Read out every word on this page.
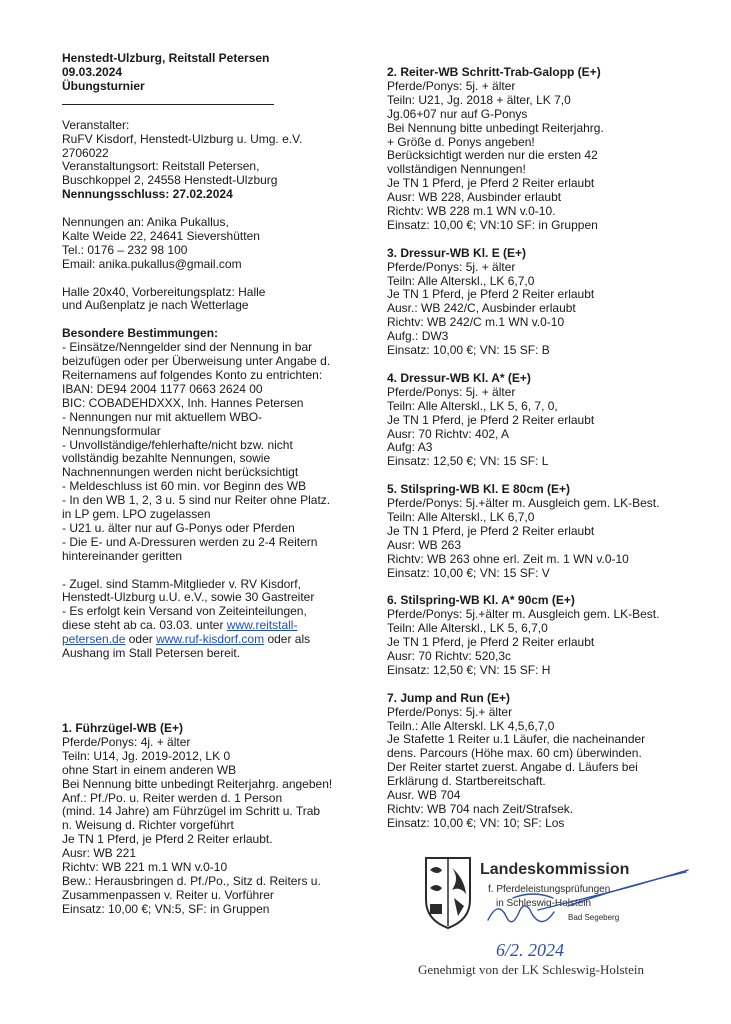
Henstedt-Ulzburg, Reitstall Petersen
09.03.2024
Übungsturnier
Veranstalter:
RuFV Kisdorf, Henstedt-Ulzburg u. Umg. e.V.
2706022
Veranstaltungsort: Reitstall Petersen,
Buschkoppel 2, 24558 Henstedt-Ulzburg
Nennungsschluss: 27.02.2024
Nennungen an: Anika Pukallus,
Kalte Weide 22, 24641 Sievershütten
Tel.: 0176 – 232 98 100
Email: anika.pukallus@gmail.com
Halle 20x40, Vorbereitungsplatz: Halle
und Außenplatz je nach Wetterlage
Besondere Bestimmungen:
- Einsätze/Nenngelder sind der Nennung in bar
beizufügen oder per Überweisung unter Angabe d.
Reiternamens auf folgendes Konto zu entrichten:
IBAN: DE94 2004 1177 0663 2624 00
BIC: COBADEHDXXX, Inh. Hannes Petersen
- Nennungen nur mit aktuellem WBO-
Nennungsformular
- Unvollständige/fehlerhafte/nicht bzw. nicht
vollständig bezahlte Nennungen, sowie
Nachnennungen werden nicht berücksichtigt
- Meldeschluss ist 60 min. vor Beginn des WB
- In den WB 1, 2, 3 u. 5 sind nur Reiter ohne Platz.
in LP gem. LPO zugelassen
- U21 u. älter nur auf G-Ponys oder Pferden
- Die E- und A-Dressuren werden zu 2-4 Reitern
hintereinander geritten
- Zugel. sind Stamm-Mitglieder v. RV Kisdorf,
Henstedt-Ulzburg u.U. e.V., sowie 30 Gastreiter
- Es erfolgt kein Versand von Zeiteinteilungen,
diese steht ab ca. 03.03. unter www.reitstall-
petersen.de oder www.ruf-kisdorf.com oder als
Aushang im Stall Petersen bereit.
1. Führzügel-WB (E+)
Pferde/Ponys: 4j. + älter
Teiln: U14, Jg. 2019-2012, LK 0
ohne Start in einem anderen WB
Bei Nennung bitte unbedingt Reiterjahrg. angeben!
Anf.: Pf./Po. u. Reiter werden d. 1 Person
(mind. 14 Jahre) am Führzügel im Schritt u. Trab
n. Weisung d. Richter vorgeführt
Je TN 1 Pferd, je Pferd 2 Reiter erlaubt.
Ausr: WB 221
Richtv: WB 221 m.1 WN v.0-10
Bew.: Herausbringen d. Pf./Po., Sitz d. Reiters u.
Zusammenpassen v. Reiter u. Vorführer
Einsatz: 10,00 €; VN:5, SF: in Gruppen
2. Reiter-WB Schritt-Trab-Galopp (E+)
Pferde/Ponys: 5j. + älter
Teiln: U21, Jg. 2018 + älter, LK 7,0
Jg.06+07 nur auf G-Ponys
Bei Nennung bitte unbedingt Reiterjahrg.
+ Größe d. Ponys angeben!
Berücksichtigt werden nur die ersten 42
vollständigen Nennungen!
Je TN 1 Pferd, je Pferd 2 Reiter erlaubt
Ausr: WB 228, Ausbinder erlaubt
Richtv: WB 228 m.1 WN v.0-10.
Einsatz: 10,00 €; VN:10 SF: in Gruppen
3. Dressur-WB Kl. E (E+)
Pferde/Ponys: 5j. + älter
Teiln: Alle Alterskl., LK 6,7,0
Je TN 1 Pferd, je Pferd 2 Reiter erlaubt
Ausr.: WB 242/C, Ausbinder erlaubt
Richtv: WB 242/C m.1 WN v.0-10
Aufg.: DW3
Einsatz: 10,00 €; VN: 15 SF: B
4. Dressur-WB Kl. A* (E+)
Pferde/Ponys: 5j. + älter
Teiln: Alle Alterskl., LK 5, 6, 7, 0,
Je TN 1 Pferd, je Pferd 2 Reiter erlaubt
Ausr: 70 Richtv: 402, A
Aufg: A3
Einsatz: 12,50 €; VN: 15 SF: L
5. Stilspring-WB Kl. E 80cm (E+)
Pferde/Ponys: 5j.+älter m. Ausgleich gem. LK-Best.
Teiln: Alle Alterskl., LK 6,7,0
Je TN 1 Pferd, je Pferd 2 Reiter erlaubt
Ausr: WB 263
Richtv: WB 263 ohne erl. Zeit m. 1 WN v.0-10
Einsatz: 10,00 €; VN: 15 SF: V
6. Stilspring-WB Kl. A* 90cm (E+)
Pferde/Ponys: 5j.+älter m. Ausgleich gem. LK-Best.
Teiln: Alle Alterskl., LK 5, 6,7,0
Je TN 1 Pferd, je Pferd 2 Reiter erlaubt
Ausr: 70 Richtv: 520,3c
Einsatz: 12,50 €; VN: 15 SF: H
7. Jump and Run (E+)
Pferde/Ponys: 5j.+ älter
Teiln.: Alle Alterskl. LK 4,5,6,7,0
Je Stafette 1 Reiter u.1 Läufer, die nacheinander
dens. Parcours (Höhe max. 60 cm) überwinden.
Der Reiter startet zuerst. Angabe d. Läufers bei
Erklärung d. Startbereitschaft.
Ausr. WB 704
Richtv: WB 704 nach Zeit/Strafsek.
Einsatz: 10,00 €; VN: 10; SF: Los
Landeskommission
f. Pferdeleistungsprüfungen
in Schleswig-Holstein
Bad Segeberg
6/2. 2024
Genehmigt von der LK Schleswig-Holstein
